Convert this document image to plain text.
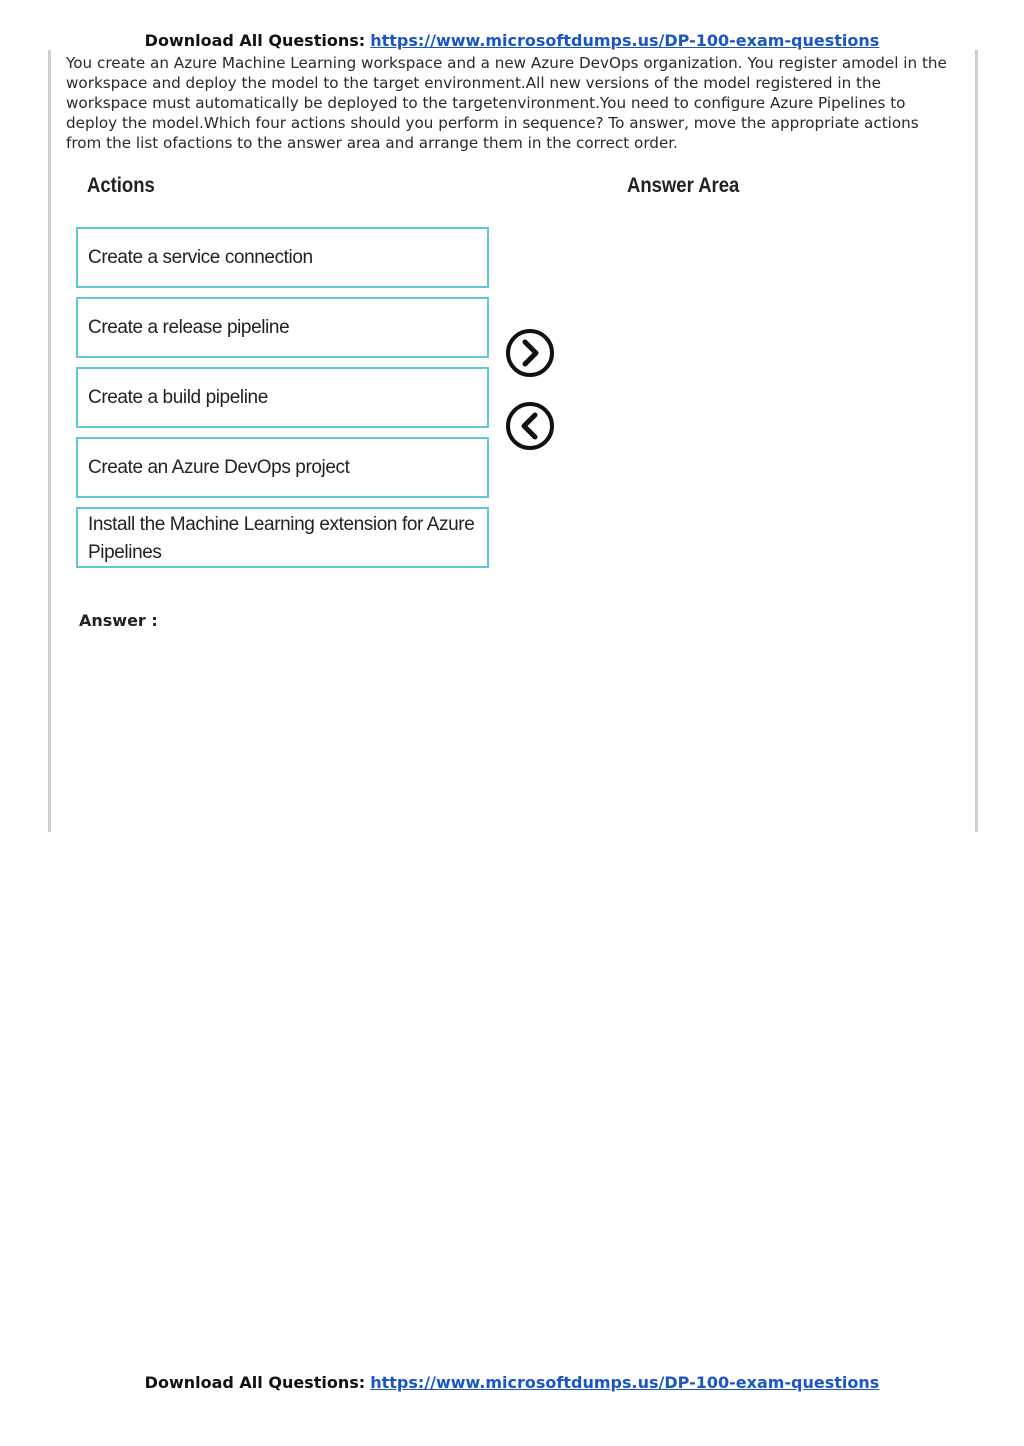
Download All Questions: https://www.microsoftdumps.us/DP-100-exam-questions

You create an Azure Machine Learning workspace and a new Azure DevOps organization. You register amodel in the workspace and deploy the model to the target environment.All new versions of the model registered in the workspace must automatically be deployed to the targetenvironment.You need to configure Azure Pipelines to deploy the model.Which four actions should you perform in sequence? To answer, move the appropriate actions from the list ofactions to the answer area and arrange them in the correct order.

Actions	Answer Area
Create a service connection
Create a release pipeline
Create a build pipeline
Create an Azure DevOps project
Install the Machine Learning extension for Azure Pipelines
Answer :
Download All Questions: https://www.microsoftdumps.us/DP-100-exam-questions
